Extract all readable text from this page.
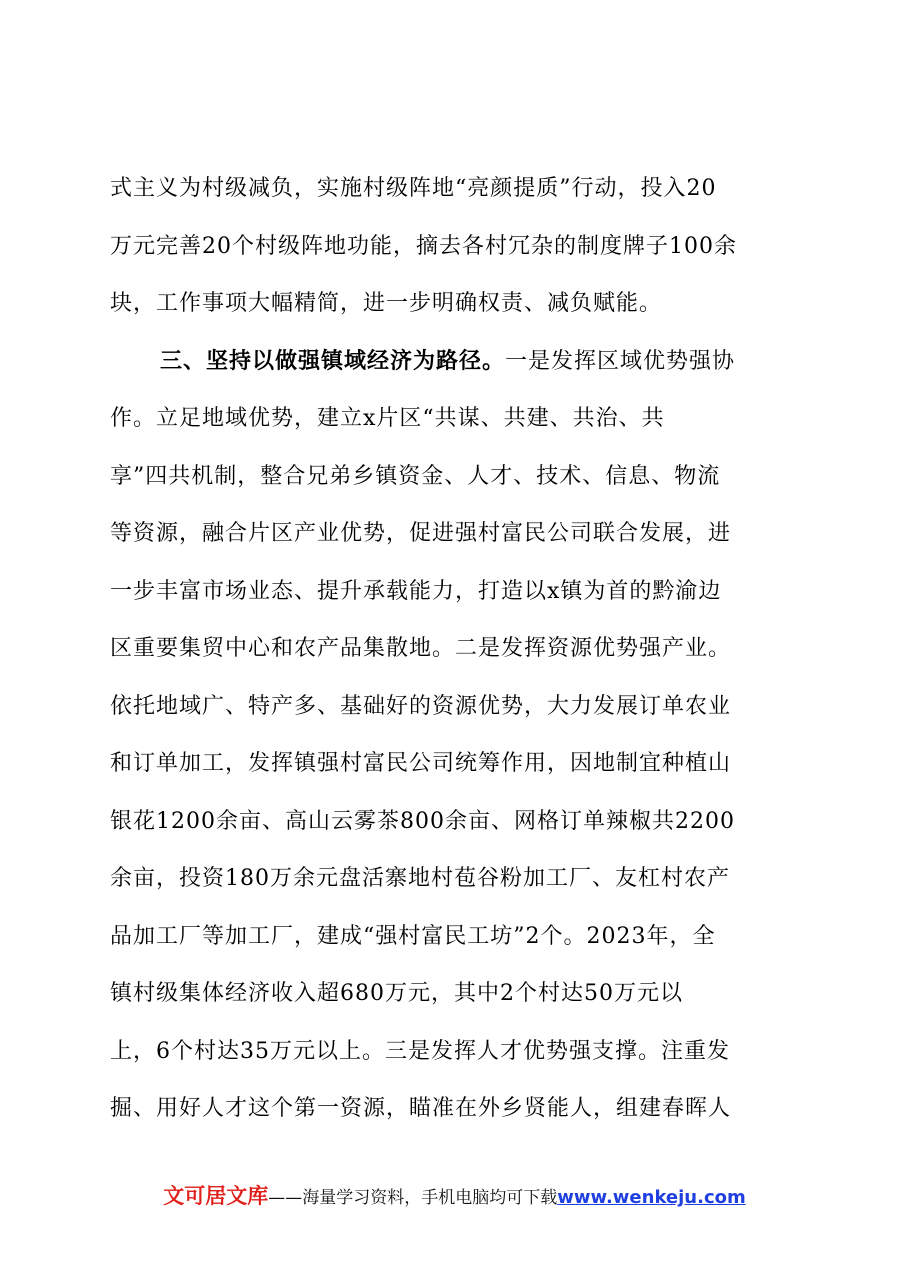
式主义为村级减负，实施村级阵地“亮颜提质”行动，投入20
万元完善20个村级阵地功能，摘去各村冗杂的制度牌子100余
块，工作事项大幅精简，进一步明确权责、减负赋能。
三、坚持以做强镇域经济为路径。一是发挥区域优势强协
作。立足地域优势，建立x片区“共谋、共建、共治、共
享”四共机制，整合兄弟乡镇资金、人才、技术、信息、物流
等资源，融合片区产业优势，促进强村富民公司联合发展，进
一步丰富市场业态、提升承载能力，打造以x镇为首的黔渝边
区重要集贸中心和农产品集散地。二是发挥资源优势强产业。
依托地域广、特产多、基础好的资源优势，大力发展订单农业
和订单加工，发挥镇强村富民公司统筹作用，因地制宜种植山
银花1200余亩、高山云雾茶800余亩、网格订单辣椒共2200
余亩，投资180万余元盘活寨地村苞谷粉加工厂、友杠村农产
品加工厂等加工厂，建成“强村富民工坊”2个。2023年，全
镇村级集体经济收入超680万元，其中2个村达50万元以
上，6个村达35万元以上。三是发挥人才优势强支撑。注重发
掘、用好人才这个第一资源，瞄准在外乡贤能人，组建春晖人
文可居文库——海量学习资料，手机电脑均可下载www.wenkeju.com
